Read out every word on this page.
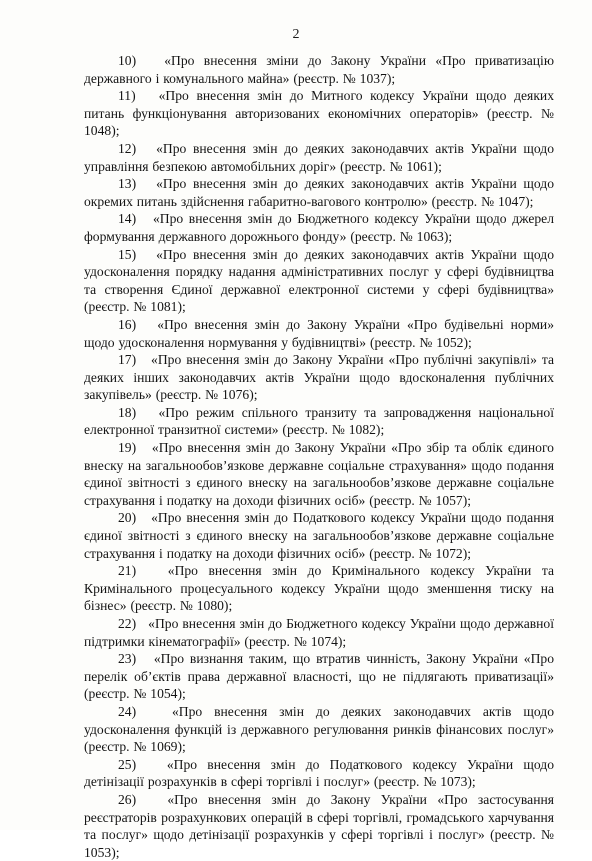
2

10) «Про внесення зміни до Закону України «Про приватизацію державного і комунального майна» (реєстр. № 1037);

11) «Про внесення змін до Митного кодексу України щодо деяких питань функціонування авторизованих економічних операторів» (реєстр. № 1048);

12) «Про внесення змін до деяких законодавчих актів України щодо управління безпекою автомобільних доріг» (реєстр. № 1061);

13) «Про внесення змін до деяких законодавчих актів України щодо окремих питань здійснення габаритно-вагового контролю» (реєстр. № 1047);

14) «Про внесення змін до Бюджетного кодексу України щодо джерел формування державного дорожнього фонду» (реєстр. № 1063);

15) «Про внесення змін до деяких законодавчих актів України щодо удосконалення порядку надання адміністративних послуг у сфері будівництва та створення Єдиної державної електронної системи у сфері будівництва» (реєстр. № 1081);

16) «Про внесення змін до Закону України «Про будівельні норми» щодо удосконалення нормування у будівництві» (реєстр. № 1052);

17) «Про внесення змін до Закону України «Про публічні закупівлі» та деяких інших законодавчих актів України щодо вдосконалення публічних закупівель» (реєстр. № 1076);

18) «Про режим спільного транзиту та запровадження національної електронної транзитної системи» (реєстр. № 1082);

19) «Про внесення змін до Закону України «Про збір та облік єдиного внеску на загальнообов’язкове державне соціальне страхування» щодо подання єдиної звітності з єдиного внеску на загальнообов’язкове державне соціальне страхування і податку на доходи фізичних осіб» (реєстр. № 1057);

20) «Про внесення змін до Податкового кодексу України щодо подання єдиної звітності з єдиного внеску на загальнообов’язкове державне соціальне страхування і податку на доходи фізичних осіб» (реєстр. № 1072);

21) «Про внесення змін до Кримінального кодексу України та Кримінального процесуального кодексу України щодо зменшення тиску на бізнес» (реєстр. № 1080);

22) «Про внесення змін до Бюджетного кодексу України щодо державної підтримки кінематографії» (реєстр. № 1074);

23) «Про визнання таким, що втратив чинність, Закону України «Про перелік об’єктів права державної власності, що не підлягають приватизації» (реєстр. № 1054);

24)	«Про внесення змін до деяких законодавчих актів щодо удосконалення функцій із державного регулювання ринків фінансових послуг» (реєстр. № 1069);

25) «Про внесення змін до Податкового кодексу України щодо детінізації розрахунків в сфері торгівлі і послуг» (реєстр. № 1073);

26) «Про внесення змін до Закону України «Про застосування реєстраторів розрахункових операцій в сфері торгівлі, громадського харчування та послуг» щодо детінізації розрахунків у сфері торгівлі і послуг» (реєстр. № 1053);
